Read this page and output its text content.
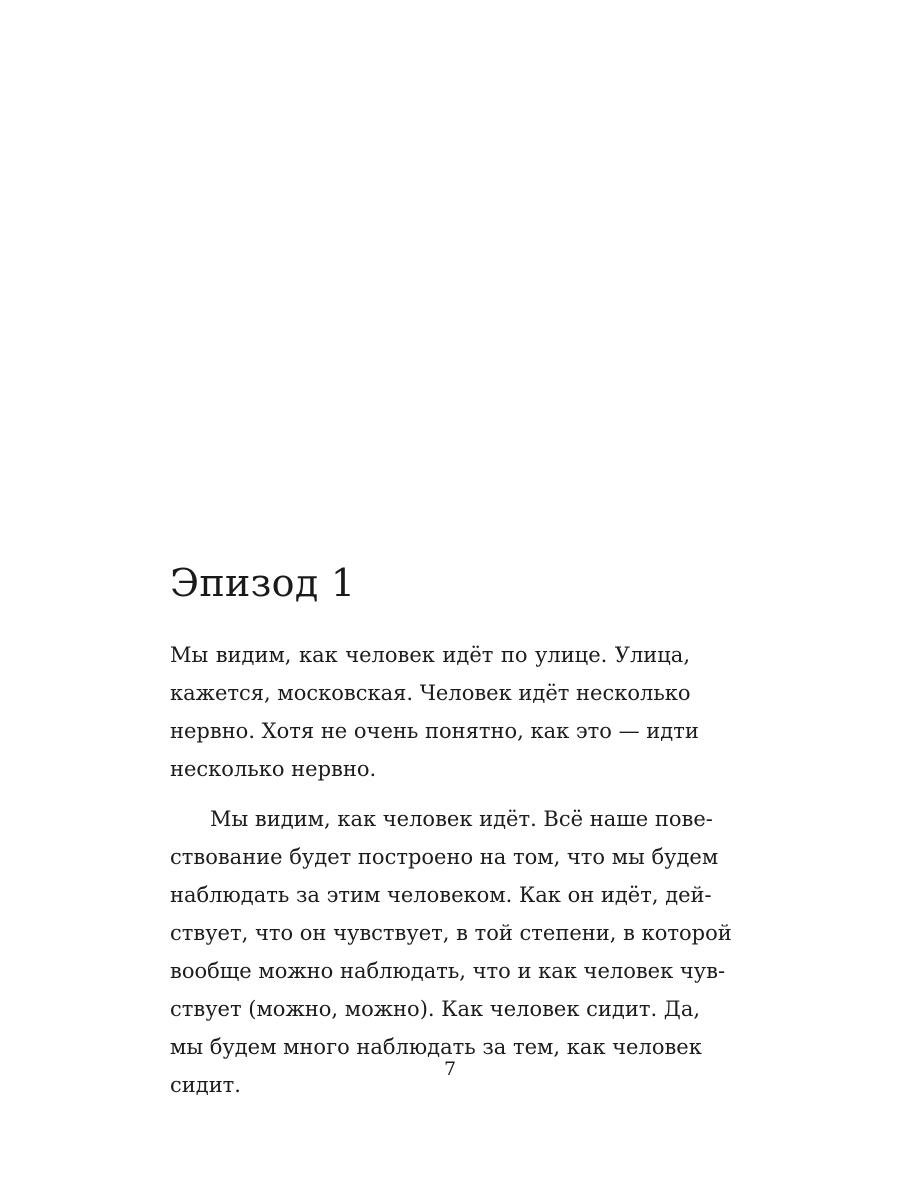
Эпизод 1
Мы видим, как человек идёт по улице. Улица,
кажется, московская. Человек идёт несколько
нервно. Хотя не очень понятно, как это — идти
несколько нервно.
Мы видим, как человек идёт. Всё наше пове-
ствование будет построено на том, что мы будем
наблюдать за этим человеком. Как он идёт, дей-
ствует, что он чувствует, в той степени, в которой
вообще можно наблюдать, что и как человек чув-
ствует (можно, можно). Как человек сидит. Да,
мы будем много наблюдать за тем, как человек
сидит.
7
